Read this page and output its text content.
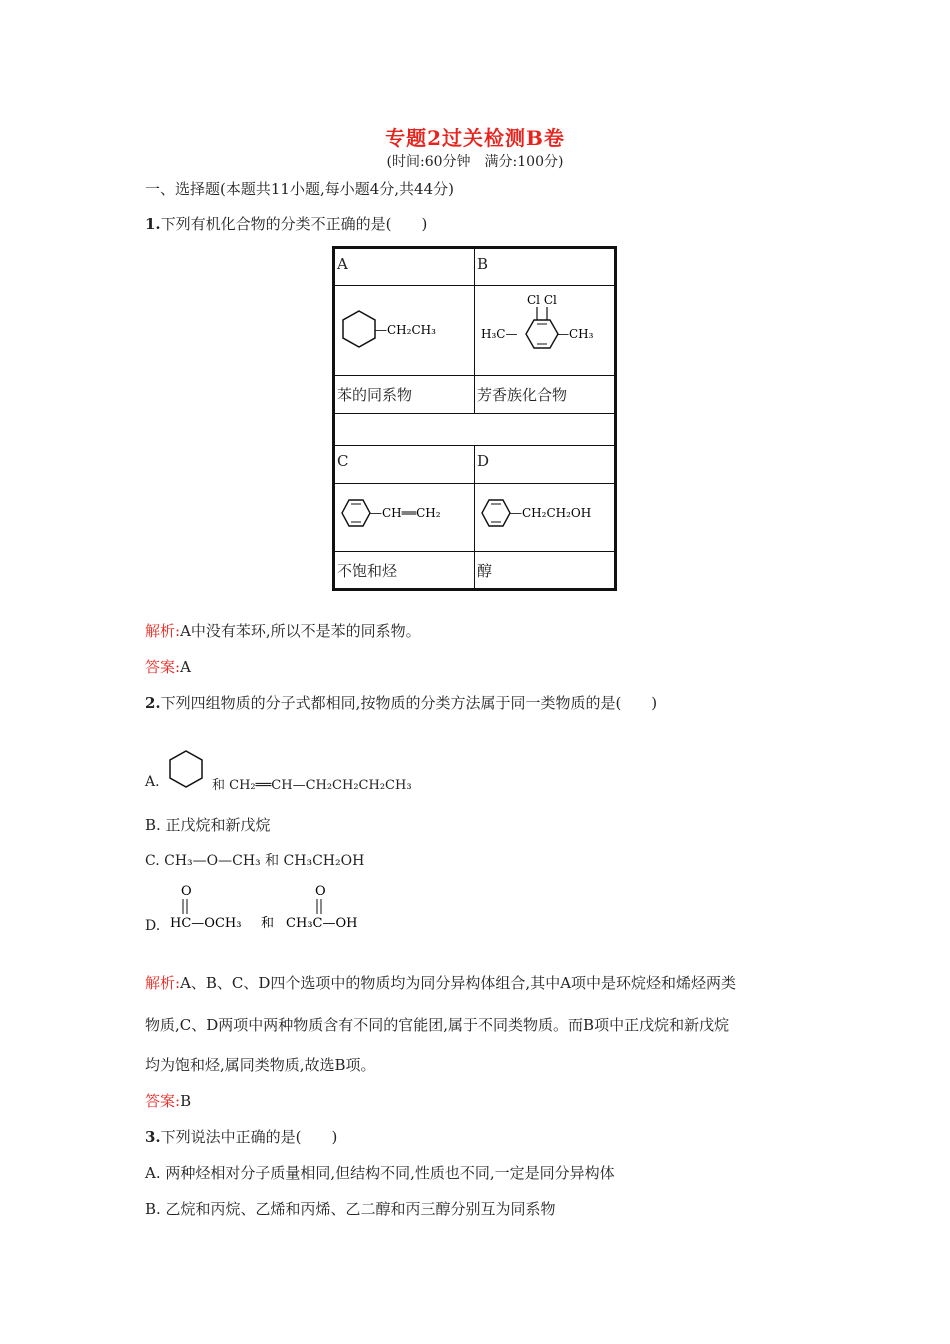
专题2过关检测B卷
(时间:60分钟　满分:100分)
一、选择题(本题共11小题,每小题4分,共44分)
1.下列有机化合物的分类不正确的是(　　)
A	B

—CH₂CH₃	Cl Cl
H₃C— —CH₃

苯的同系物	芳香族化合物

C	D

—CH══CH₂	—CH₂CH₂OH

不饱和烃	醇
解析:A中没有苯环,所以不是苯的同系物。
答案:A
2.下列四组物质的分子式都相同,按物质的分类方法属于同一类物质的是(　　)
A.	和 CH₂══CH—CH₂CH₂CH₂CH₃
B. 正戊烷和新戊烷
C. CH₃—O—CH₃ 和 CH₃CH₂OH
D.
O
HC—OCH₃ 和
O
CH₃C—OH
解析:A、B、C、D四个选项中的物质均为同分异构体组合,其中A项中是环烷烃和烯烃两类
物质,C、D两项中两种物质含有不同的官能团,属于不同类物质。而B项中正戊烷和新戊烷
均为饱和烃,属同类物质,故选B项。
答案:B
3.下列说法中正确的是(　　)
A. 两种烃相对分子质量相同,但结构不同,性质也不同,一定是同分异构体
B. 乙烷和丙烷、乙烯和丙烯、乙二醇和丙三醇分别互为同系物
